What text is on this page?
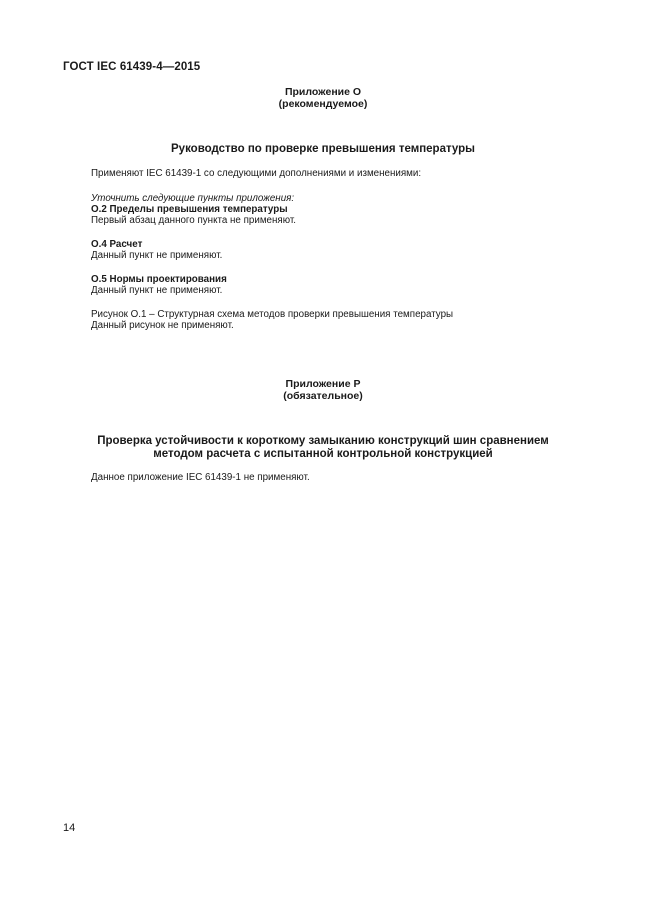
ГОСТ IEC 61439-4—2015

Приложение О

(рекомендуемое)

Руководство по проверке превышения температуры

Применяют IEC 61439-1 со следующими дополнениями и изменениями:

Уточнить следующие пункты приложения:

О.2 Пределы превышения температуры

Первый абзац данного пункта не применяют.

О.4 Расчет

Данный пункт не применяют.

О.5 Нормы проектирования

Данный пункт не применяют.

Рисунок О.1 – Структурная схема методов проверки превышения температуры

Данный рисунок не применяют.

Приложение Р

(обязательное)

Проверка устойчивости к короткому замыканию конструкций шин сравнением

методом расчета с испытанной контрольной конструкцией

Данное приложение IEC 61439-1 не применяют.

14
